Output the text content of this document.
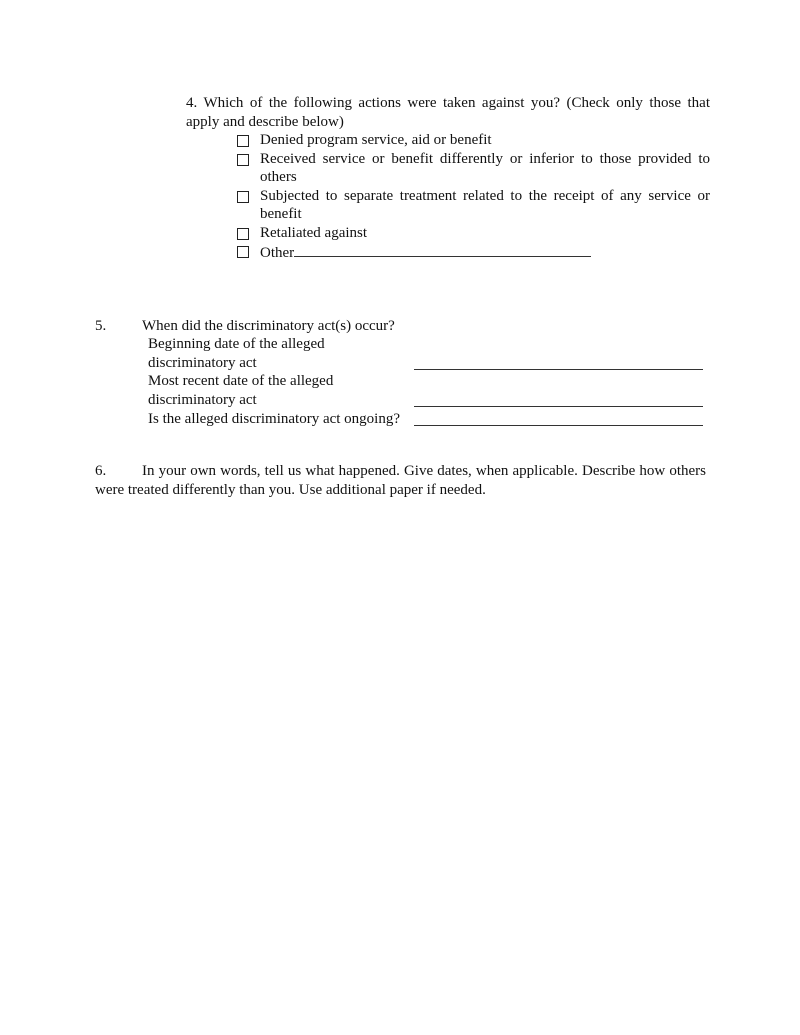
4. Which of the following actions were taken against you? (Check only those that apply and describe below)
Denied program service, aid or benefit
Received service or benefit differently or inferior to those provided to others
Subjected to separate treatment related to the receipt of any service or benefit
Retaliated against
Other
5.	When did the discriminatory act(s) occur?
Beginning date of the alleged discriminatory act
Most recent date of the alleged discriminatory act
Is the alleged discriminatory act ongoing?
6. In your own words, tell us what happened. Give dates, when applicable. Describe how others were treated differently than you. Use additional paper if needed.
